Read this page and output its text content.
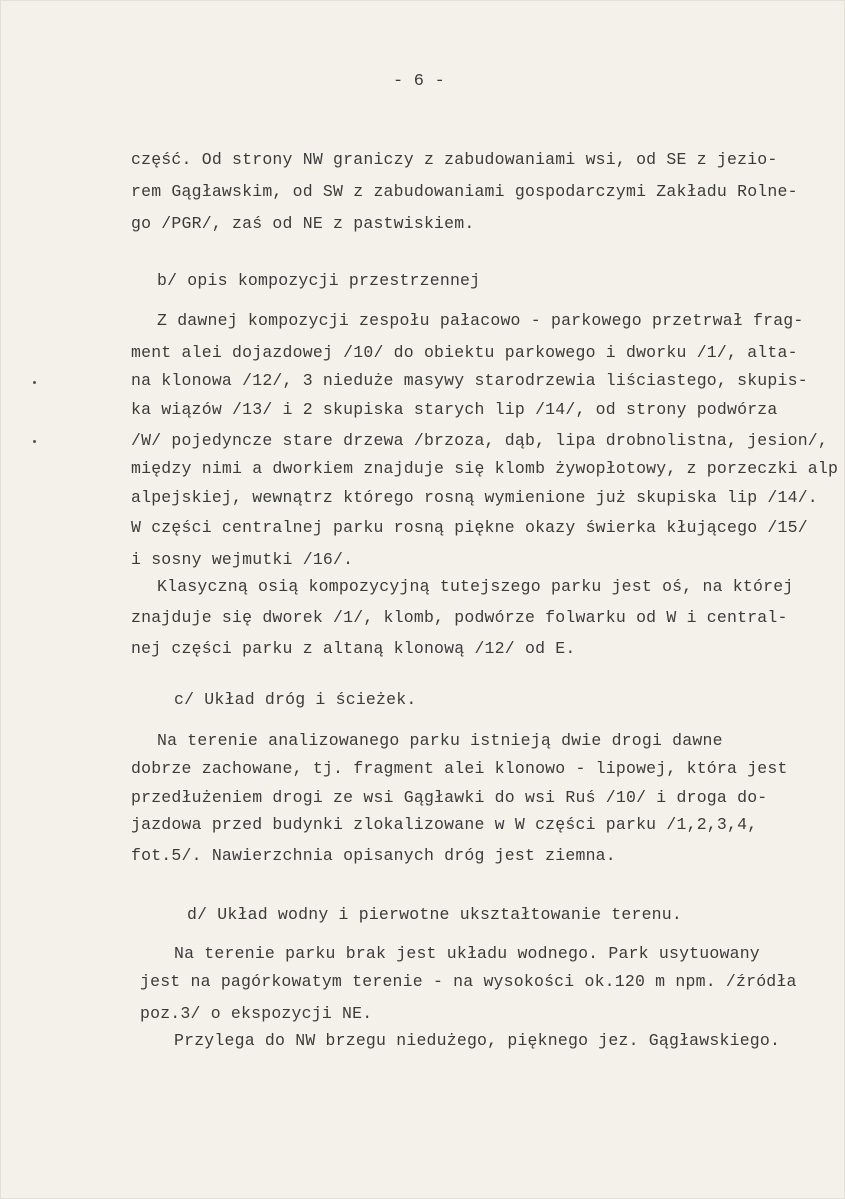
- 6 -
część. Od strony NW graniczy z zabudowaniami wsi, od SE z jezio-
rem Gągławskim, od SW z zabudowaniami gospodarczymi Zakładu Rolne-
go /PGR/, zaś od NE z pastwiskiem.
b/ opis kompozycji przestrzennej
Z dawnej kompozycji zespołu pałacowo - parkowego przetrwał frag-
ment alei dojazdowej /10/ do obiektu parkowego i dworku /1/, alta-
na klonowa /12/, 3 nieduże masywy starodrzewia liściastego, skupis-
ka wiązów /13/ i 2 skupiska starych lip /14/, od strony podwórza
/W/ pojedyncze stare drzewa /brzoza, dąb, lipa drobnolistna, jesion/,
między nimi a dworkiem znajduje się klomb żywopłotowy, z porzeczki alp
alpejskiej, wewnątrz którego rosną wymienione już skupiska lip /14/.
W części centralnej parku rosną piękne okazy świerka kłującego /15/
i sosny wejmutki /16/.
Klasyczną osią kompozycyjną tutejszego parku jest oś, na której
znajduje się dworek /1/, klomb, podwórze folwarku od W i central-
nej części parku z altaną klonową /12/ od E.
c/ Układ dróg i ścieżek.
Na terenie analizowanego parku istnieją dwie drogi dawne
dobrze zachowane, tj. fragment alei klonowo - lipowej, która jest
przedłużeniem drogi ze wsi Gągławki do wsi Ruś /10/ i droga do-
jazdowa przed budynki zlokalizowane w W części parku /1,2,3,4,
fot.5/. Nawierzchnia opisanych dróg jest ziemna.
d/ Układ wodny i pierwotne ukształtowanie terenu.
Na terenie parku brak jest układu wodnego. Park usytuowany
jest na pagórkowatym terenie - na wysokości ok.120 m npm. /źródła
poz.3/ o ekspozycji NE.
Przylega do NW brzegu niedużego, pięknego jez. Gągławskiego.
